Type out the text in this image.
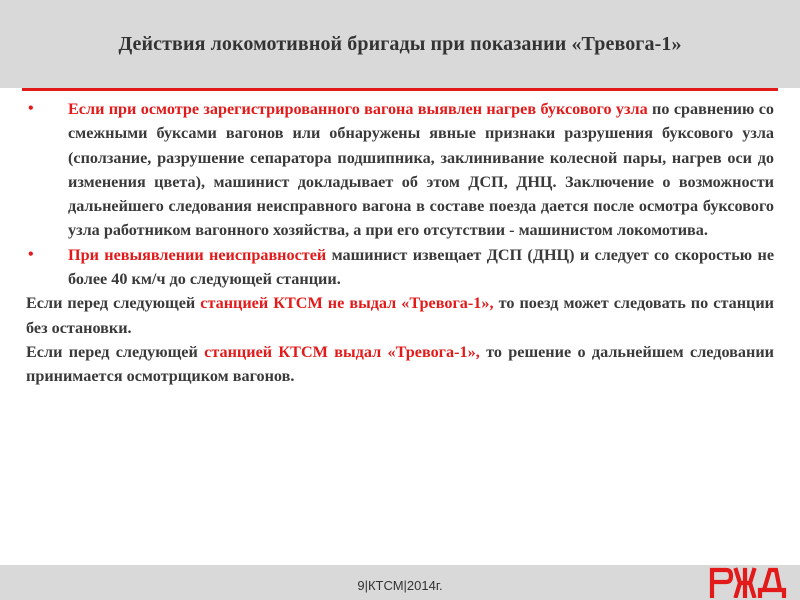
Действия локомотивной бригады при показании «Тревога-1»
• Если при осмотре зарегистрированного вагона выявлен нагрев буксового узла по сравнению со смежными буксами вагонов или обнаружены явные признаки разрушения буксового узла (сползание, разрушение сепаратора подшипника, заклинивание колесной пары, нагрев оси до изменения цвета), машинист докладывает об этом ДСП, ДНЦ. Заключение о возможности дальнейшего следования неисправного вагона в составе поезда дается после осмотра буксового узла работником вагонного хозяйства, а при его отсутствии - машинистом локомотива.
• При невыявлении неисправностей машинист извещает ДСП (ДНЦ) и следует со скоростью не более 40 км/ч до следующей станции.
Если перед следующей станцией КТСМ не выдал «Тревога-1», то поезд может следовать по станции без остановки.
Если перед следующей станцией КТСМ выдал «Тревога-1», то решение о дальнейшем следовании принимается осмотрщиком вагонов.
9|КТСМ|2014г.
